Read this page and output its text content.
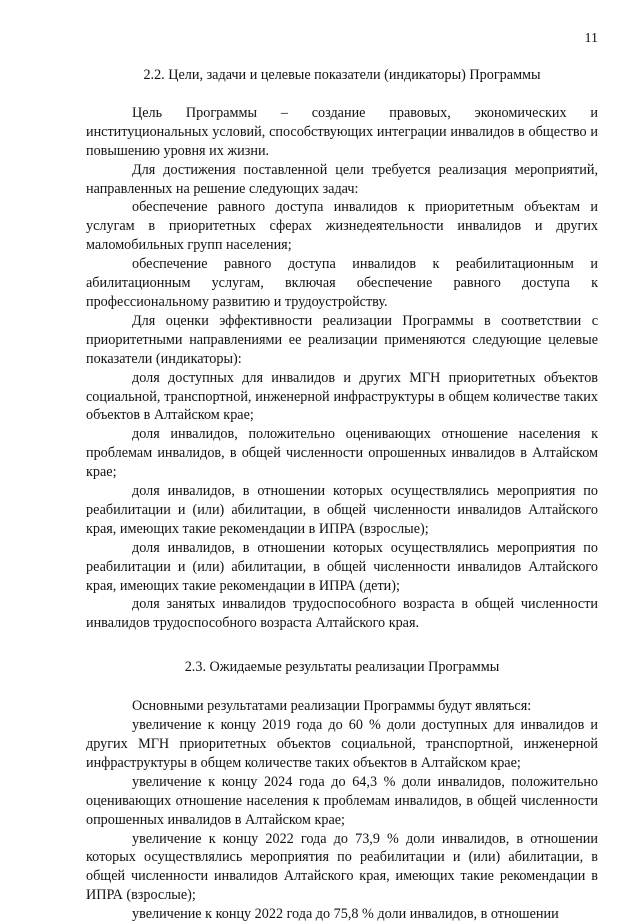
11
2.2. Цели, задачи и целевые показатели (индикаторы) Программы

Цель Программы – создание правовых, экономических и институциональных условий, способствующих интеграции инвалидов в общество и повышению уровня их жизни.

Для достижения поставленной цели требуется реализация мероприятий, направленных на решение следующих задач:

обеспечение равного доступа инвалидов к приоритетным объектам и услугам в приоритетных сферах жизнедеятельности инвалидов и других маломобильных групп населения;

обеспечение равного доступа инвалидов к реабилитационным и абилитационным услугам, включая обеспечение равного доступа к профессиональному развитию и трудоустройству.

Для оценки эффективности реализации Программы в соответствии с приоритетными направлениями ее реализации применяются следующие целевые показатели (индикаторы):

доля доступных для инвалидов и других МГН приоритетных объектов социальной, транспортной, инженерной инфраструктуры в общем количестве таких объектов в Алтайском крае;

доля инвалидов, положительно оценивающих отношение населения к проблемам инвалидов, в общей численности опрошенных инвалидов в Алтайском крае;

доля инвалидов, в отношении которых осуществлялись мероприятия по реабилитации и (или) абилитации, в общей численности инвалидов Алтайского края, имеющих такие рекомендации в ИПРА (взрослые);

доля инвалидов, в отношении которых осуществлялись мероприятия по реабилитации и (или) абилитации, в общей численности инвалидов Алтайского края, имеющих такие рекомендации в ИПРА (дети);

доля занятых инвалидов трудоспособного возраста в общей численности инвалидов трудоспособного возраста Алтайского края.

2.3. Ожидаемые результаты реализации Программы

Основными результатами реализации Программы будут являться:

увеличение к концу 2019 года до 60 % доли доступных для инвалидов и других МГН приоритетных объектов социальной, транспортной, инженерной инфраструктуры в общем количестве таких объектов в Алтайском крае;

увеличение к концу 2024 года до 64,3 % доли инвалидов, положительно оценивающих отношение населения к проблемам инвалидов, в общей численности опрошенных инвалидов в Алтайском крае;

увеличение к концу 2022 года до 73,9 % доли инвалидов, в отношении которых осуществлялись мероприятия по реабилитации и (или) абилитации, в общей численности инвалидов Алтайского края, имеющих такие рекомендации в ИПРА (взрослые);

увеличение к концу 2022 года до 75,8 % доли инвалидов, в отношении
